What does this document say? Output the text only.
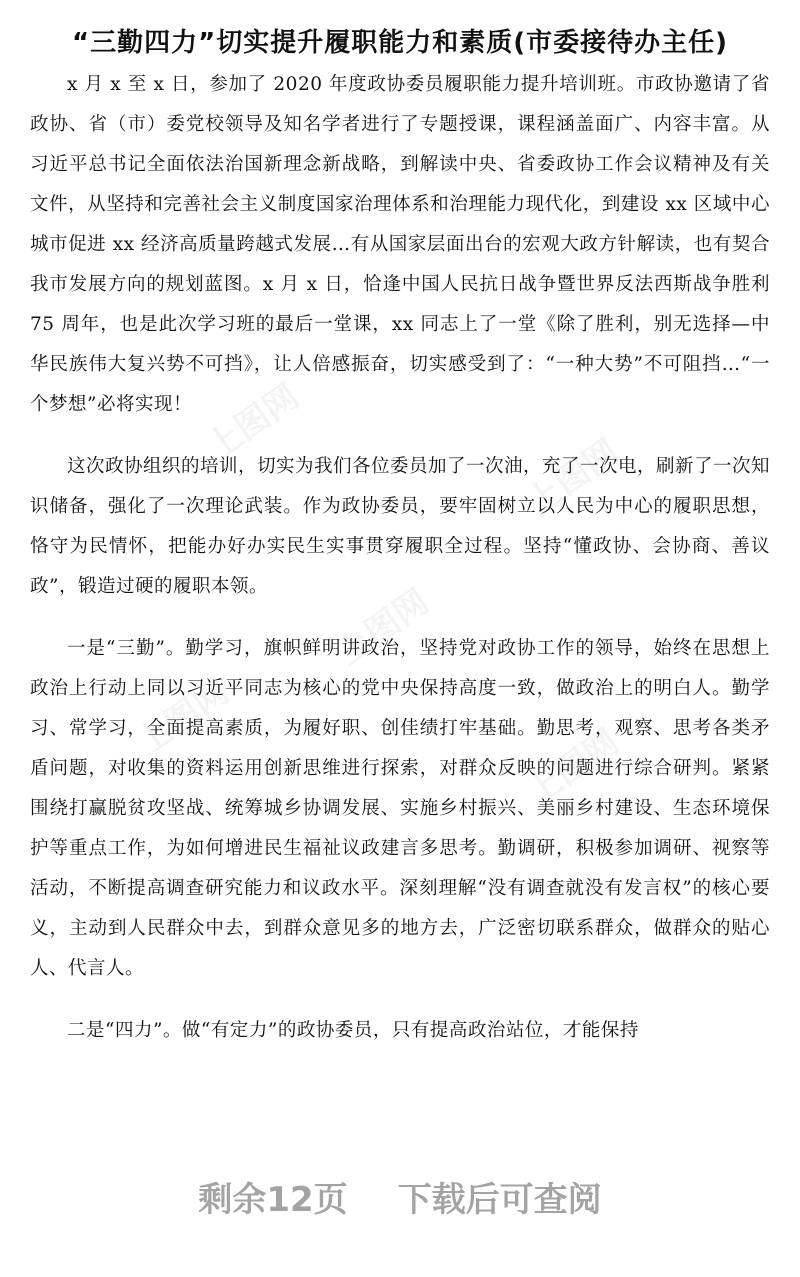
上图网
上图网
上图网
上图网
上图网
“三勤四力”切实提升履职能力和素质(市委接待办主任)

x 月 x 至 x 日，参加了 2020 年度政协委员履职能力提升培训班。市政协邀请了省政协、省（市）委党校领导及知名学者进行了专题授课，课程涵盖面广、内容丰富。从习近平总书记全面依法治国新理念新战略，到解读中央、省委政协工作会议精神及有关文件，从坚持和完善社会主义制度国家治理体系和治理能力现代化，到建设 xx 区域中心城市促进 xx 经济高质量跨越式发展…有从国家层面出台的宏观大政方针解读，也有契合我市发展方向的规划蓝图。x 月 x 日，恰逢中国人民抗日战争暨世界反法西斯战争胜利 75 周年，也是此次学习班的最后一堂课，xx 同志上了一堂《除了胜利，别无选择—中华民族伟大复兴势不可挡》，让人倍感振奋，切实感受到了：“一种大势”不可阻挡…“一个梦想”必将实现！

这次政协组织的培训，切实为我们各位委员加了一次油，充了一次电，刷新了一次知识储备，强化了一次理论武装。作为政协委员，要牢固树立以人民为中心的履职思想，恪守为民情怀，把能办好办实民生实事贯穿履职全过程。坚持“懂政协、会协商、善议政”，锻造过硬的履职本领。

一是“三勤”。勤学习，旗帜鲜明讲政治，坚持党对政协工作的领导，始终在思想上政治上行动上同以习近平同志为核心的党中央保持高度一致，做政治上的明白人。勤学习、常学习，全面提高素质，为履好职、创佳绩打牢基础。勤思考，观察、思考各类矛盾问题，对收集的资料运用创新思维进行探索，对群众反映的问题进行综合研判。紧紧围绕打赢脱贫攻坚战、统筹城乡协调发展、实施乡村振兴、美丽乡村建设、生态环境保护等重点工作，为如何增进民生福祉议政建言多思考。勤调研，积极参加调研、视察等活动，不断提高调查研究能力和议政水平。深刻理解“没有调查就没有发言权”的核心要义，主动到人民群众中去，到群众意见多的地方去，广泛密切联系群众，做群众的贴心人、代言人。

二是“四力”。做“有定力”的政协委员，只有提高政治站位，才能保持

剩余12页 下载后可查阅
